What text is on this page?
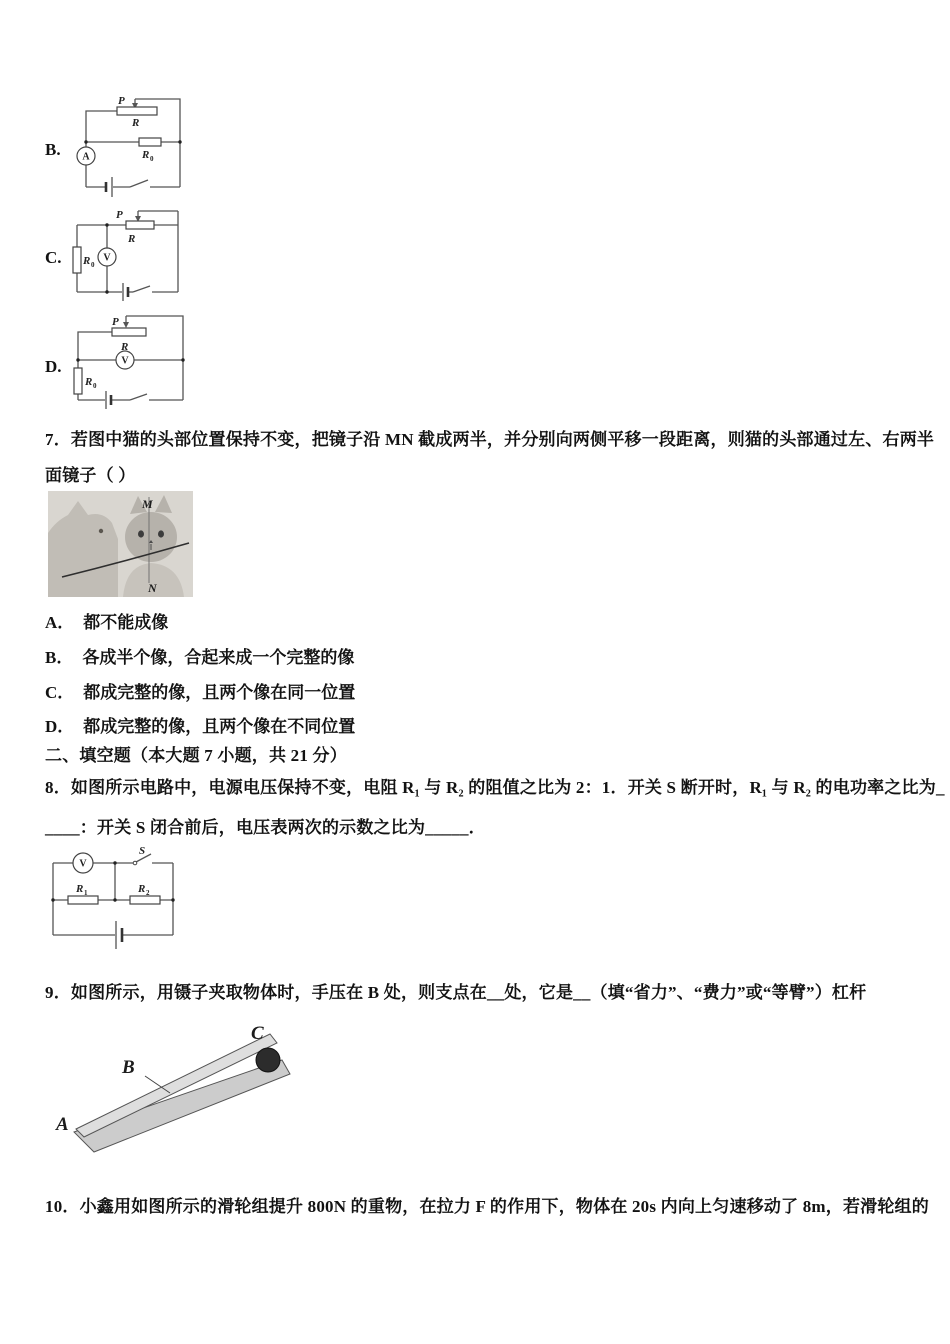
B.
P
R
R 0
A
C.
P
R
R 0
V
D.
P
R
R 0
V
7．若图中猫的头部位置保持不变，把镜子沿 MN 截成两半，并分别向两侧平移一段距离，则猫的头部通过左、右两半
面镜子（ ）
M
N
A． 都不能成像
B． 各成半个像，合起来成一个完整的像
C． 都成完整的像，且两个像在同一位置
D． 都成完整的像，且两个像在不同位置
二、填空题（本大题 7 小题，共 21 分）
8．如图所示电路中，电源电压保持不变，电阻 R₁ 与 R₂ 的阻值之比为 2：1．开关 S 断开时，R₁ 与 R₂ 的电功率之比为_
____：开关 S 闭合前后，电压表两次的示数之比为_____．
S
V
R 1	R 2
9．如图所示，用镊子夹取物体时，手压在 B 处，则支点在__处，它是__（填“省力”、“费力”或“等臂”）杠杆
A
B
C
10．小鑫用如图所示的滑轮组提升 800N 的重物，在拉力 F 的作用下，物体在 20s 内向上匀速移动了 8m，若滑轮组的
